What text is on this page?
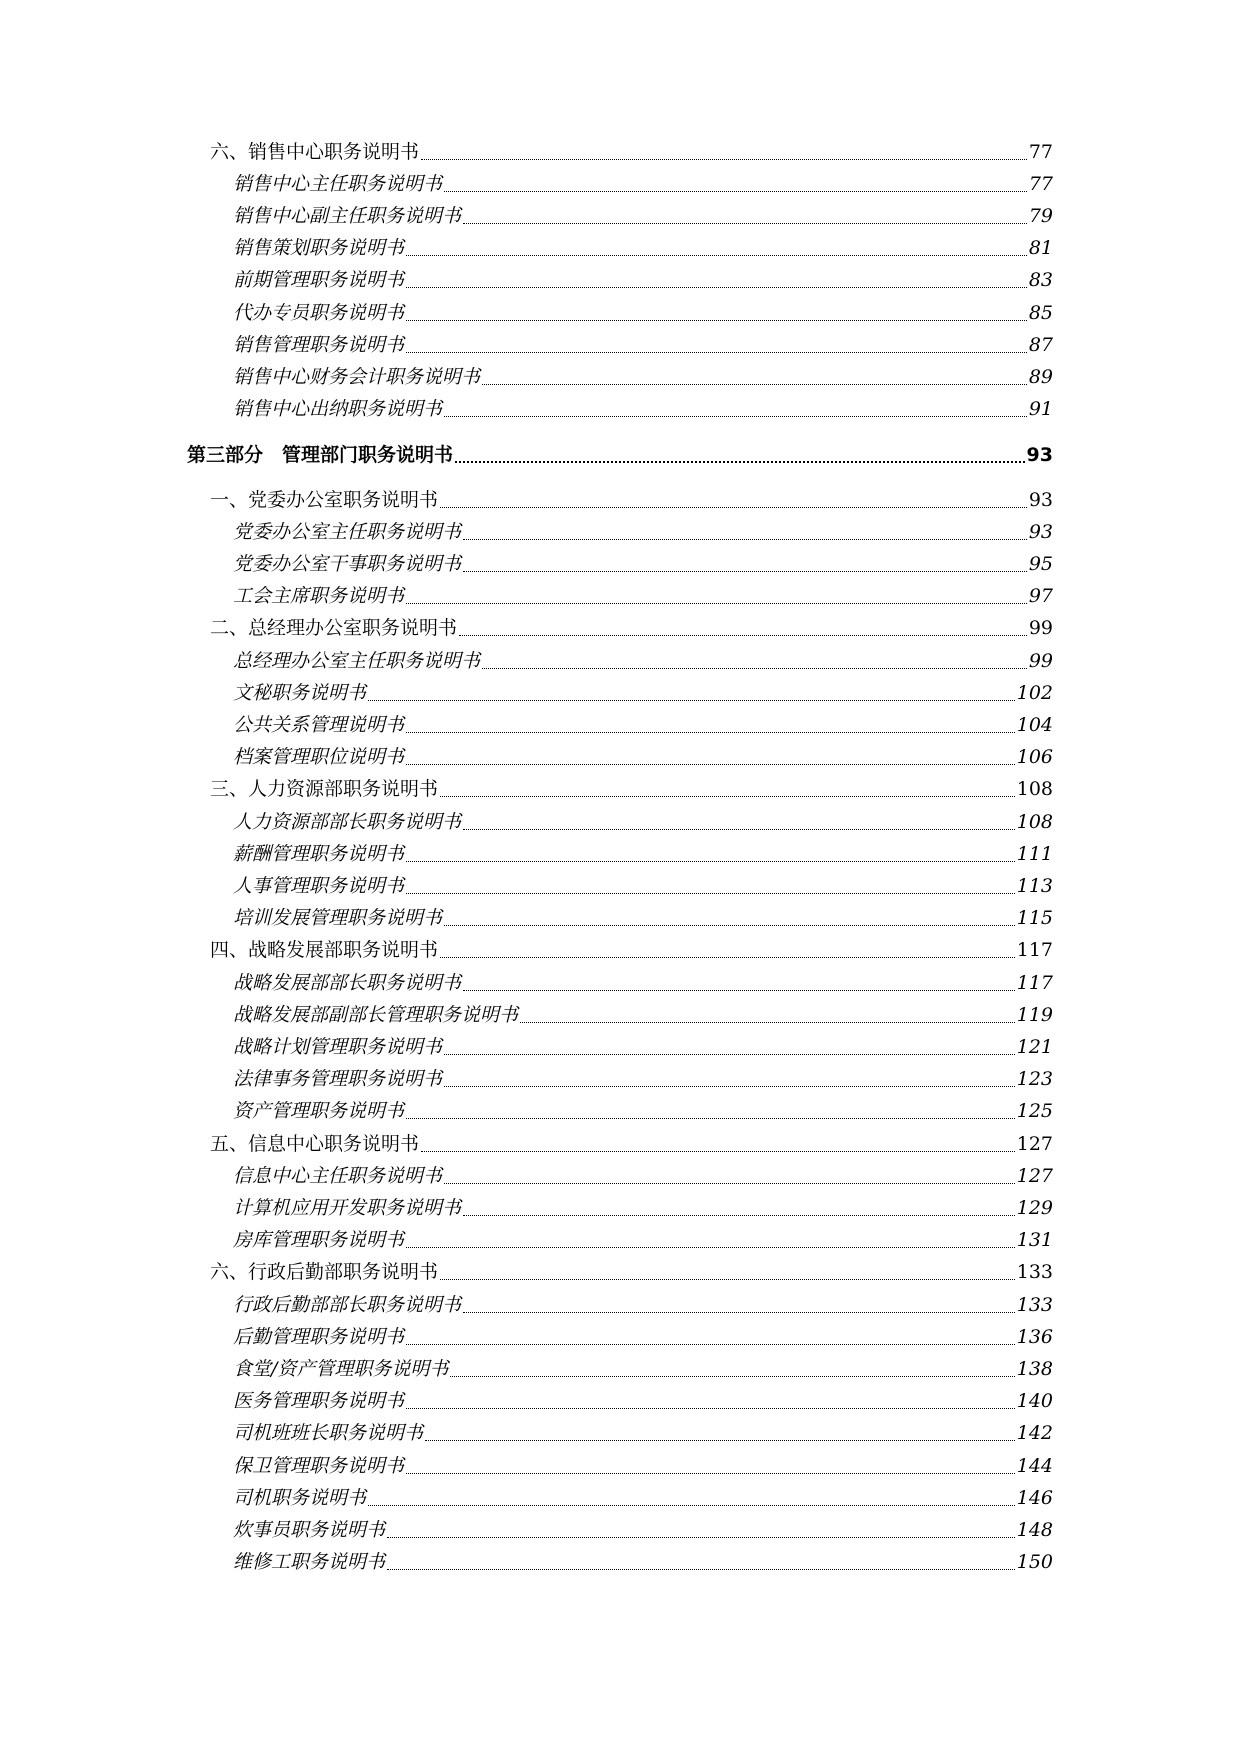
六、销售中心职务说明书	77
销售中心主任职务说明书	77
销售中心副主任职务说明书	79
销售策划职务说明书	81
前期管理职务说明书	83
代办专员职务说明书	85
销售管理职务说明书	87
销售中心财务会计职务说明书	89
销售中心出纳职务说明书	91
第三部分　管理部门职务说明书	93
一、党委办公室职务说明书	93
党委办公室主任职务说明书	93
党委办公室干事职务说明书	95
工会主席职务说明书	97
二、总经理办公室职务说明书	99
总经理办公室主任职务说明书	99
文秘职务说明书	102
公共关系管理说明书	104
档案管理职位说明书	106
三、人力资源部职务说明书	108
人力资源部部长职务说明书	108
薪酬管理职务说明书	111
人事管理职务说明书	113
培训发展管理职务说明书	115
四、战略发展部职务说明书	117
战略发展部部长职务说明书	117
战略发展部副部长管理职务说明书	119
战略计划管理职务说明书	121
法律事务管理职务说明书	123
资产管理职务说明书	125
五、信息中心职务说明书	127
信息中心主任职务说明书	127
计算机应用开发职务说明书	129
房库管理职务说明书	131
六、行政后勤部职务说明书	133
行政后勤部部长职务说明书	133
后勤管理职务说明书	136
食堂/资产管理职务说明书	138
医务管理职务说明书	140
司机班班长职务说明书	142
保卫管理职务说明书	144
司机职务说明书	146
炊事员职务说明书	148
维修工职务说明书	150
